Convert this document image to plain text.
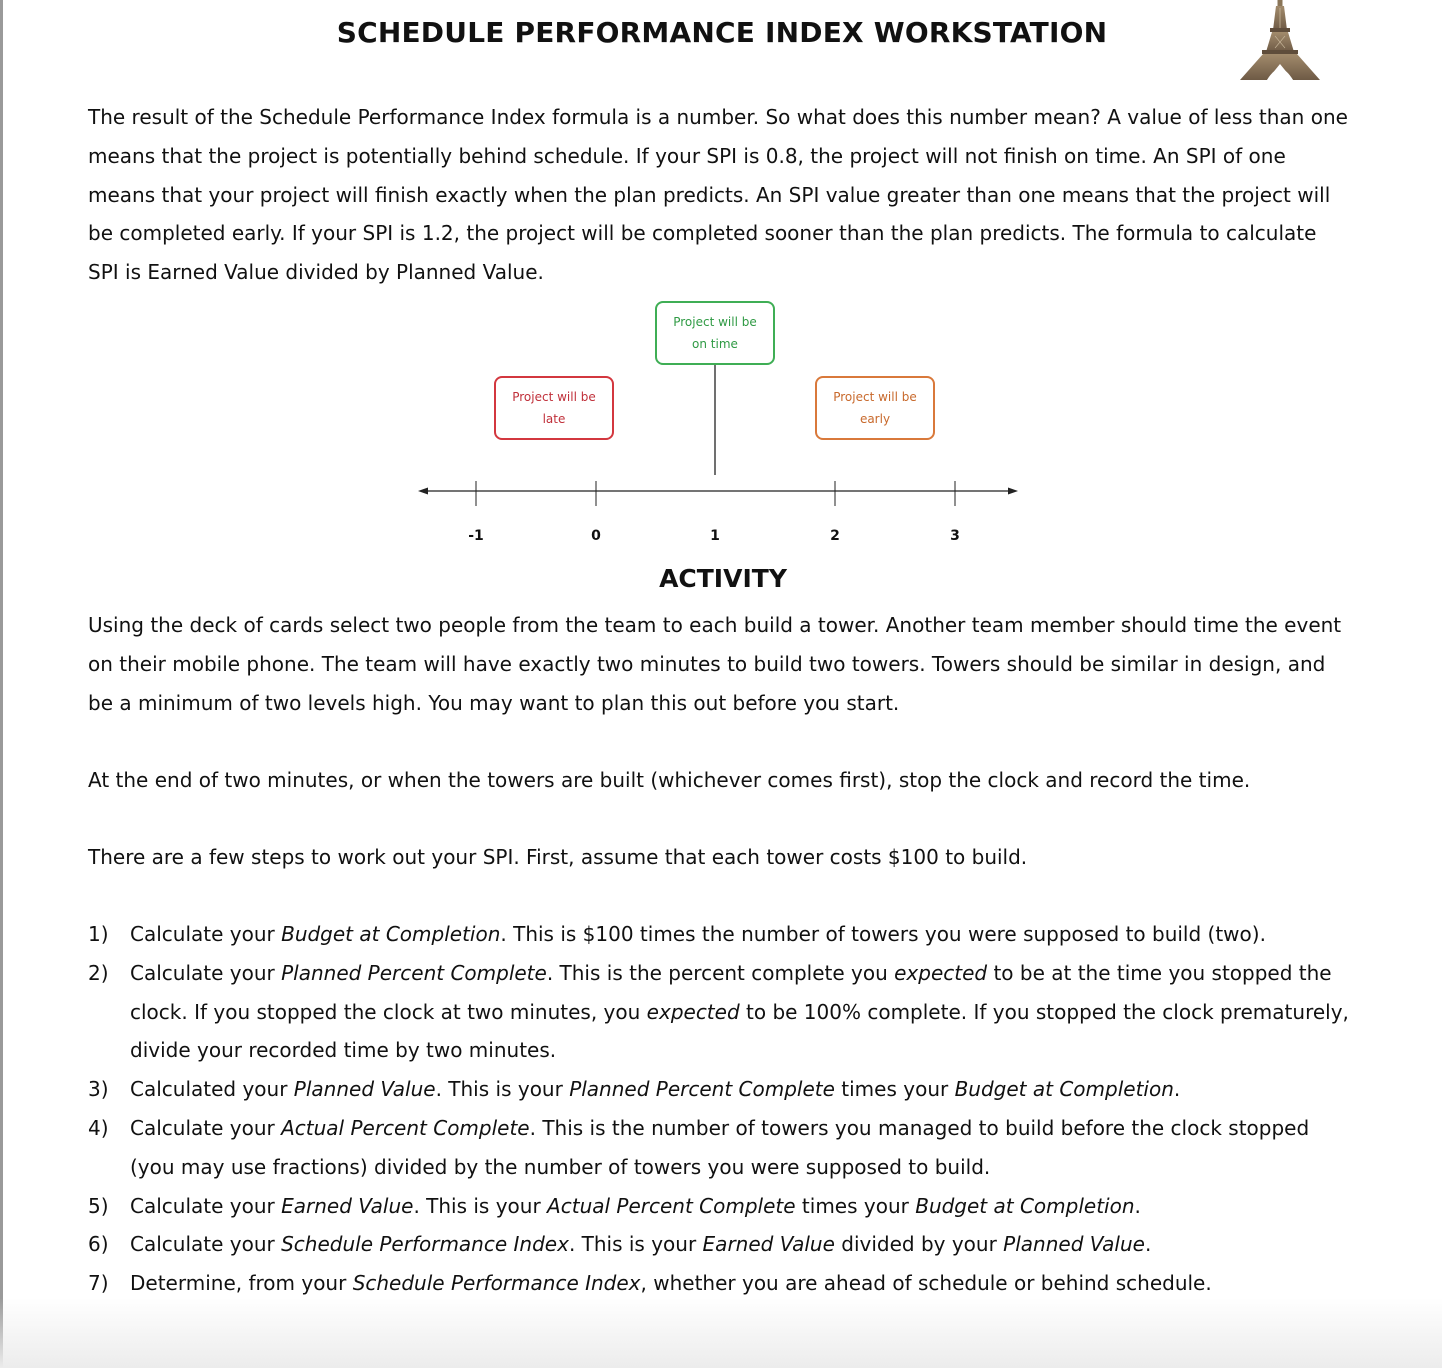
SCHEDULE PERFORMANCE INDEX WORKSTATION

The result of the Schedule Performance Index formula is a number. So what does this number mean? A value of less than one means that the project is potentially behind schedule. If your SPI is 0.8, the project will not finish on time. An SPI of one means that your project will finish exactly when the plan predicts. An SPI value greater than one means that the project will be completed early. If your SPI is 1.2, the project will be completed sooner than the plan predicts. The formula to calculate SPI is Earned Value divided by Planned Value.

Project will be
late
Project will be
on time
Project will be
early
-1	0	1	2	3
ACTIVITY

Using the deck of cards select two people from the team to each build a tower. Another team member should time the event on their mobile phone. The team will have exactly two minutes to build two towers. Towers should be similar in design, and be a minimum of two levels high. You may want to plan this out before you start.

At the end of two minutes, or when the towers are built (whichever comes first), stop the clock and record the time.

There are a few steps to work out your SPI. First, assume that each tower costs $100 to build.

1) Calculate your Budget at Completion. This is $100 times the number of towers you were supposed to build (two).
2) Calculate your Planned Percent Complete. This is the percent complete you expected to be at the time you stopped the clock. If you stopped the clock at two minutes, you expected to be 100% complete. If you stopped the clock prematurely, divide your recorded time by two minutes.
3) Calculated your Planned Value. This is your Planned Percent Complete times your Budget at Completion.
4) Calculate your Actual Percent Complete. This is the number of towers you managed to build before the clock stopped (you may use fractions) divided by the number of towers you were supposed to build.
5) Calculate your Earned Value. This is your Actual Percent Complete times your Budget at Completion.
6) Calculate your Schedule Performance Index. This is your Earned Value divided by your Planned Value.
7) Determine, from your Schedule Performance Index, whether you are ahead of schedule or behind schedule.
